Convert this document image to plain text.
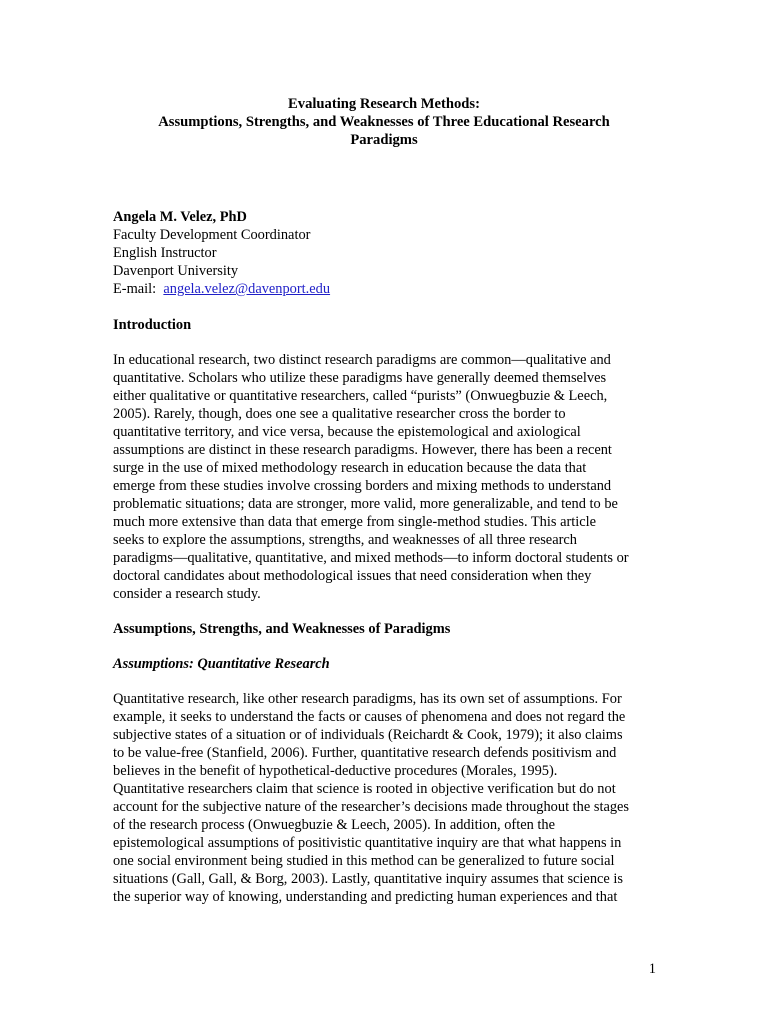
Evaluating Research Methods:
Assumptions, Strengths, and Weaknesses of Three Educational Research
Paradigms
Angela M. Velez, PhD
Faculty Development Coordinator
English Instructor
Davenport University
E-mail: angela.velez@davenport.edu
Introduction
In educational research, two distinct research paradigms are common—qualitative and
quantitative. Scholars who utilize these paradigms have generally deemed themselves
either qualitative or quantitative researchers, called “purists” (Onwuegbuzie & Leech,
2005). Rarely, though, does one see a qualitative researcher cross the border to
quantitative territory, and vice versa, because the epistemological and axiological
assumptions are distinct in these research paradigms. However, there has been a recent
surge in the use of mixed methodology research in education because the data that
emerge from these studies involve crossing borders and mixing methods to understand
problematic situations; data are stronger, more valid, more generalizable, and tend to be
much more extensive than data that emerge from single-method studies. This article
seeks to explore the assumptions, strengths, and weaknesses of all three research
paradigms—qualitative, quantitative, and mixed methods—to inform doctoral students or
doctoral candidates about methodological issues that need consideration when they
consider a research study.
Assumptions, Strengths, and Weaknesses of Paradigms
Assumptions: Quantitative Research
Quantitative research, like other research paradigms, has its own set of assumptions. For
example, it seeks to understand the facts or causes of phenomena and does not regard the
subjective states of a situation or of individuals (Reichardt & Cook, 1979); it also claims
to be value-free (Stanfield, 2006). Further, quantitative research defends positivism and
believes in the benefit of hypothetical-deductive procedures (Morales, 1995).
Quantitative researchers claim that science is rooted in objective verification but do not
account for the subjective nature of the researcher’s decisions made throughout the stages
of the research process (Onwuegbuzie & Leech, 2005). In addition, often the
epistemological assumptions of positivistic quantitative inquiry are that what happens in
one social environment being studied in this method can be generalized to future social
situations (Gall, Gall, & Borg, 2003). Lastly, quantitative inquiry assumes that science is
the superior way of knowing, understanding and predicting human experiences and that
1
